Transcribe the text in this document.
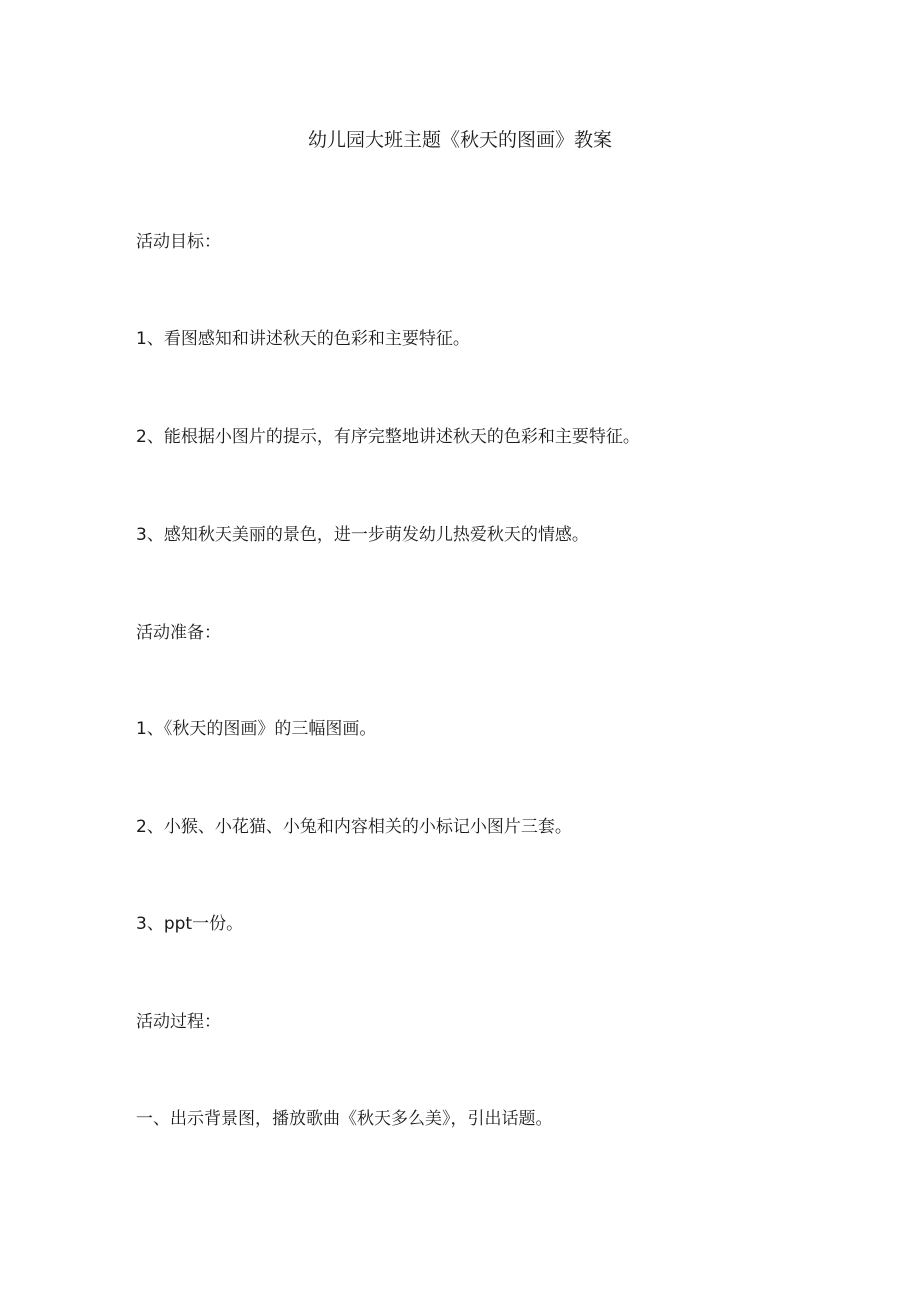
幼儿园大班主题《秋天的图画》教案
活动目标：
1、看图感知和讲述秋天的色彩和主要特征。
2、能根据小图片的提示，有序完整地讲述秋天的色彩和主要特征。
3、感知秋天美丽的景色，进一步萌发幼儿热爱秋天的情感。
活动准备：
1、《秋天的图画》的三幅图画。
2、小猴、小花猫、小兔和内容相关的小标记小图片三套。
3、ppt一份。
活动过程：
一、出示背景图，播放歌曲《秋天多么美》，引出话题。
